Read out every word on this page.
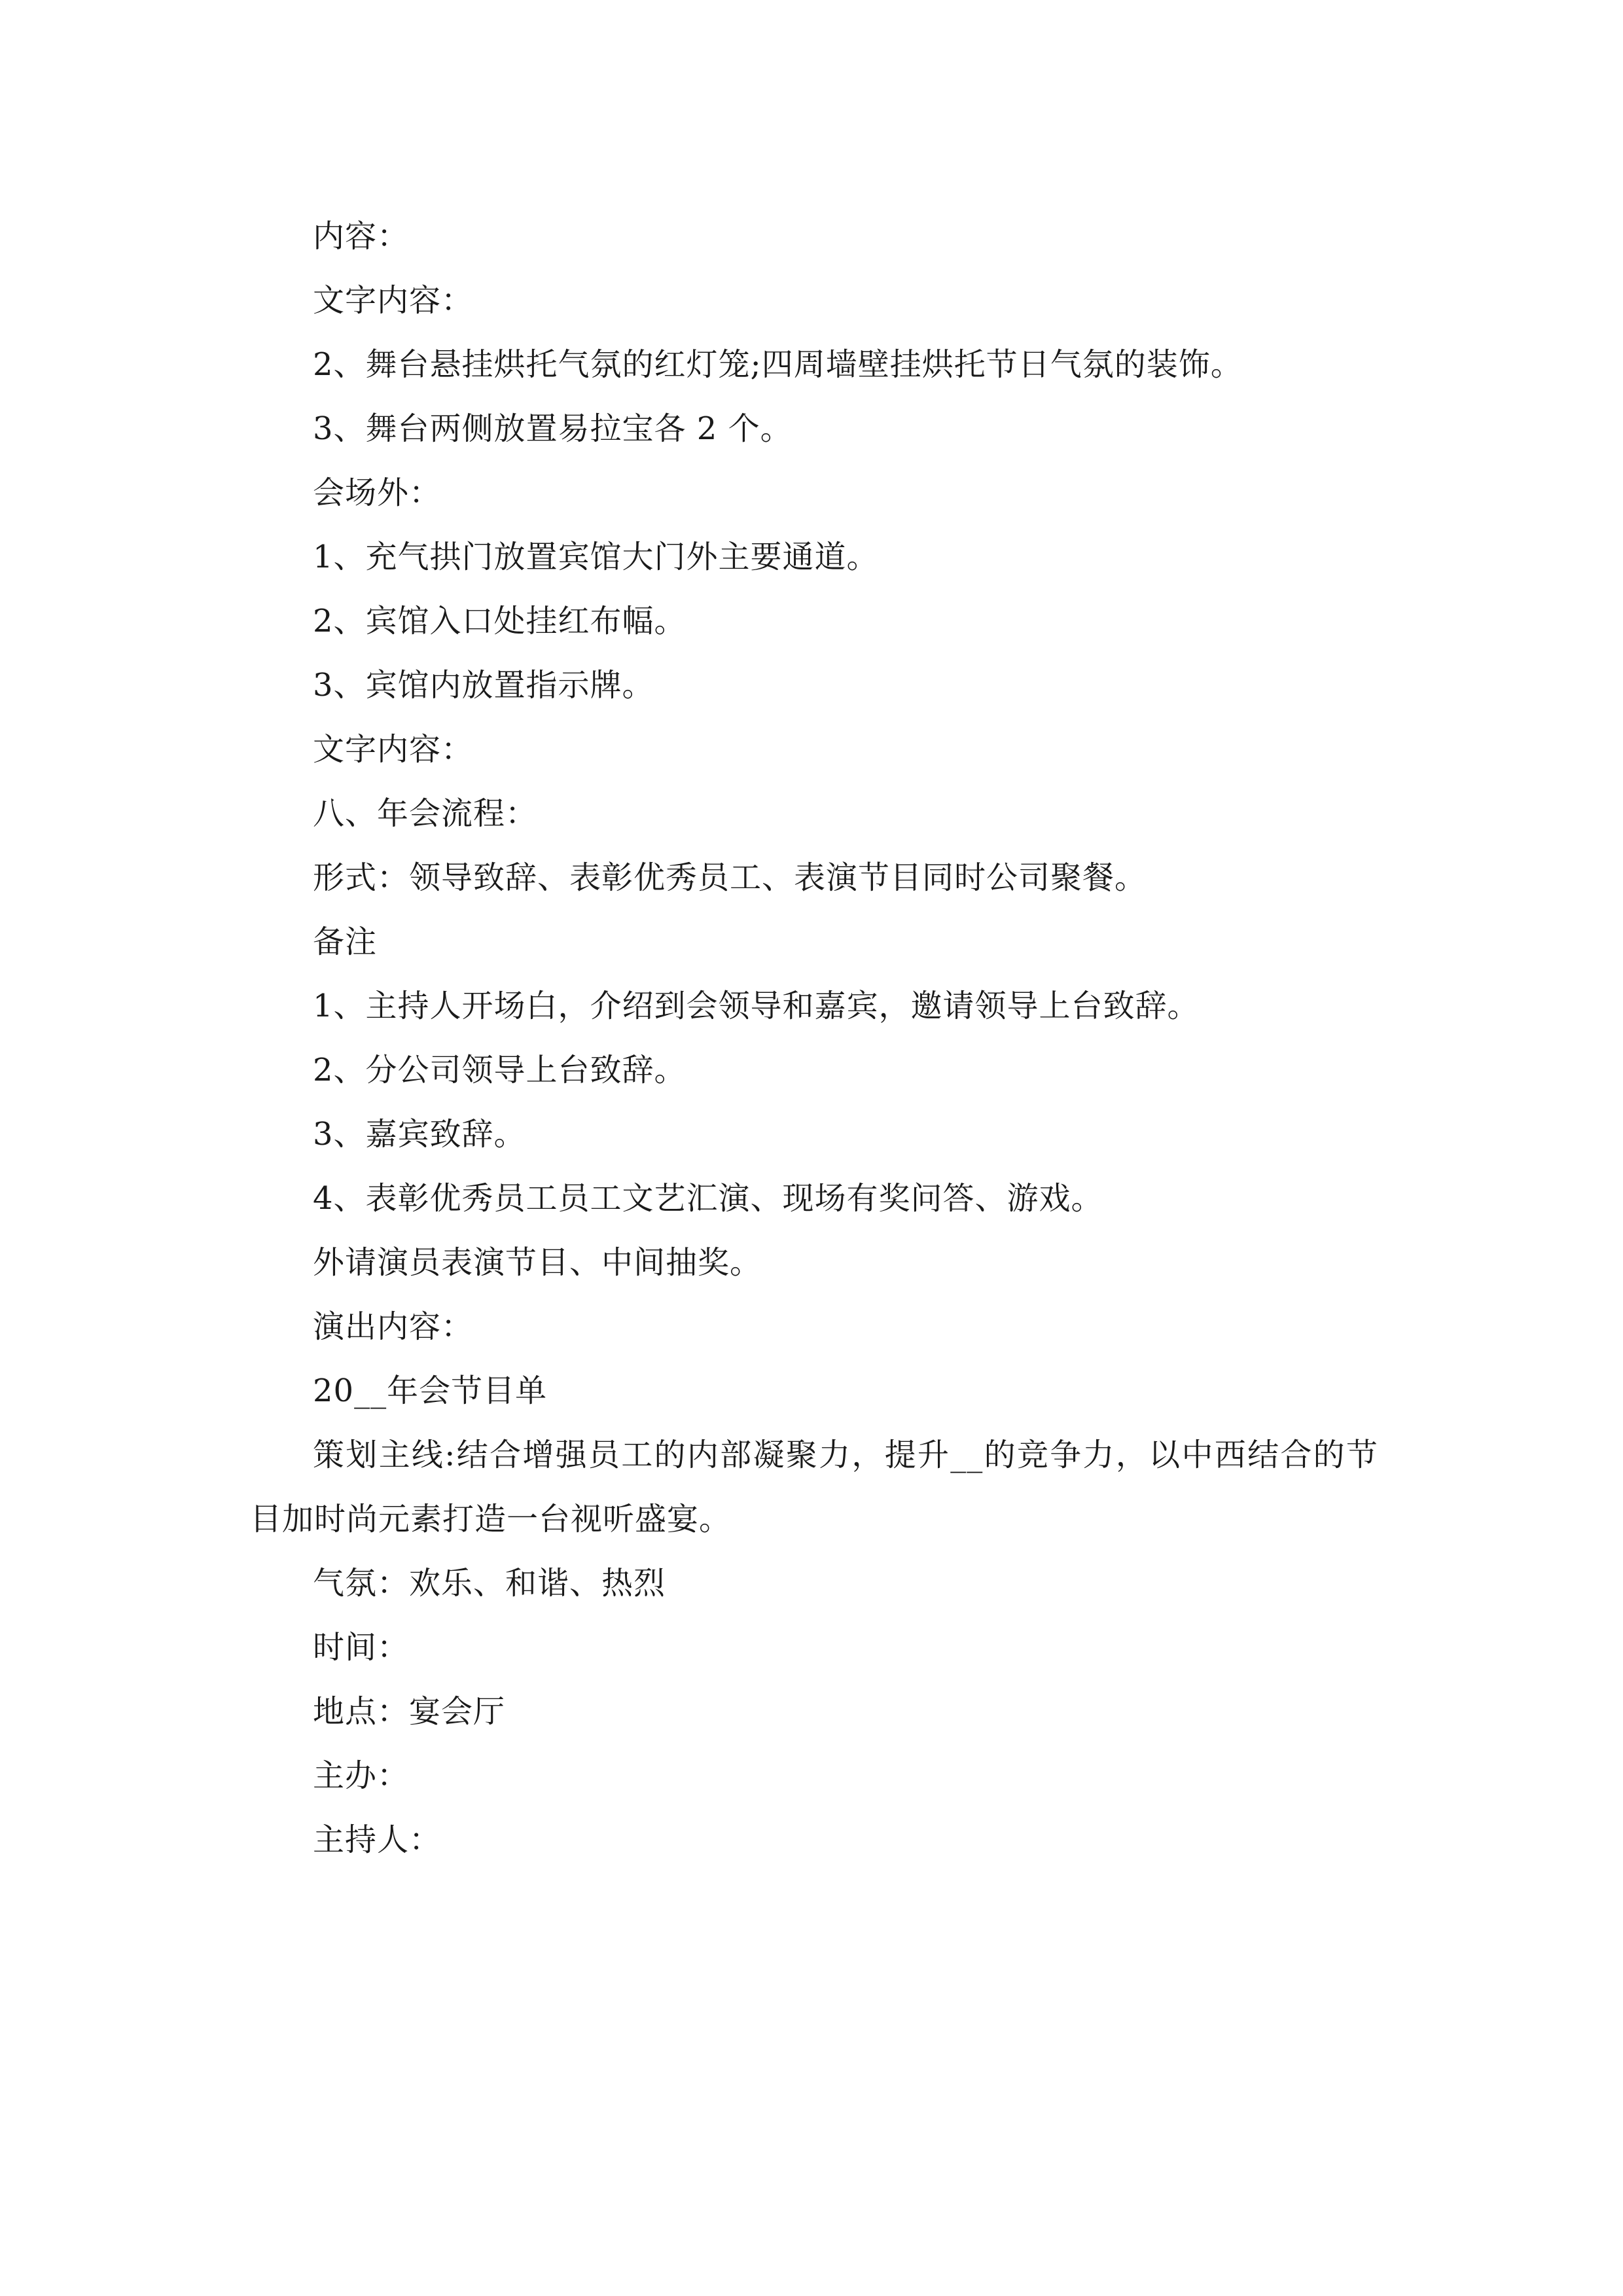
内容：

文字内容：

2、舞台悬挂烘托气氛的红灯笼;四周墙壁挂烘托节日气氛的装饰。

3、舞台两侧放置易拉宝各 2 个。

会场外：

1、充气拱门放置宾馆大门外主要通道。

2、宾馆入口处挂红布幅。

3、宾馆内放置指示牌。

文字内容：

八、年会流程：

形式：领导致辞、表彰优秀员工、表演节目同时公司聚餐。

备注

1、主持人开场白，介绍到会领导和嘉宾，邀请领导上台致辞。

2、分公司领导上台致辞。

3、嘉宾致辞。

4、表彰优秀员工员工文艺汇演、现场有奖问答、游戏。

外请演员表演节目、中间抽奖。

演出内容：

20__年会节目单

策划主线:结合增强员工的内部凝聚力，提升__的竞争力，以中西结合的节目加时尚元素打造一台视听盛宴。

气氛：欢乐、和谐、热烈

时间：

地点：宴会厅

主办：

主持人：
